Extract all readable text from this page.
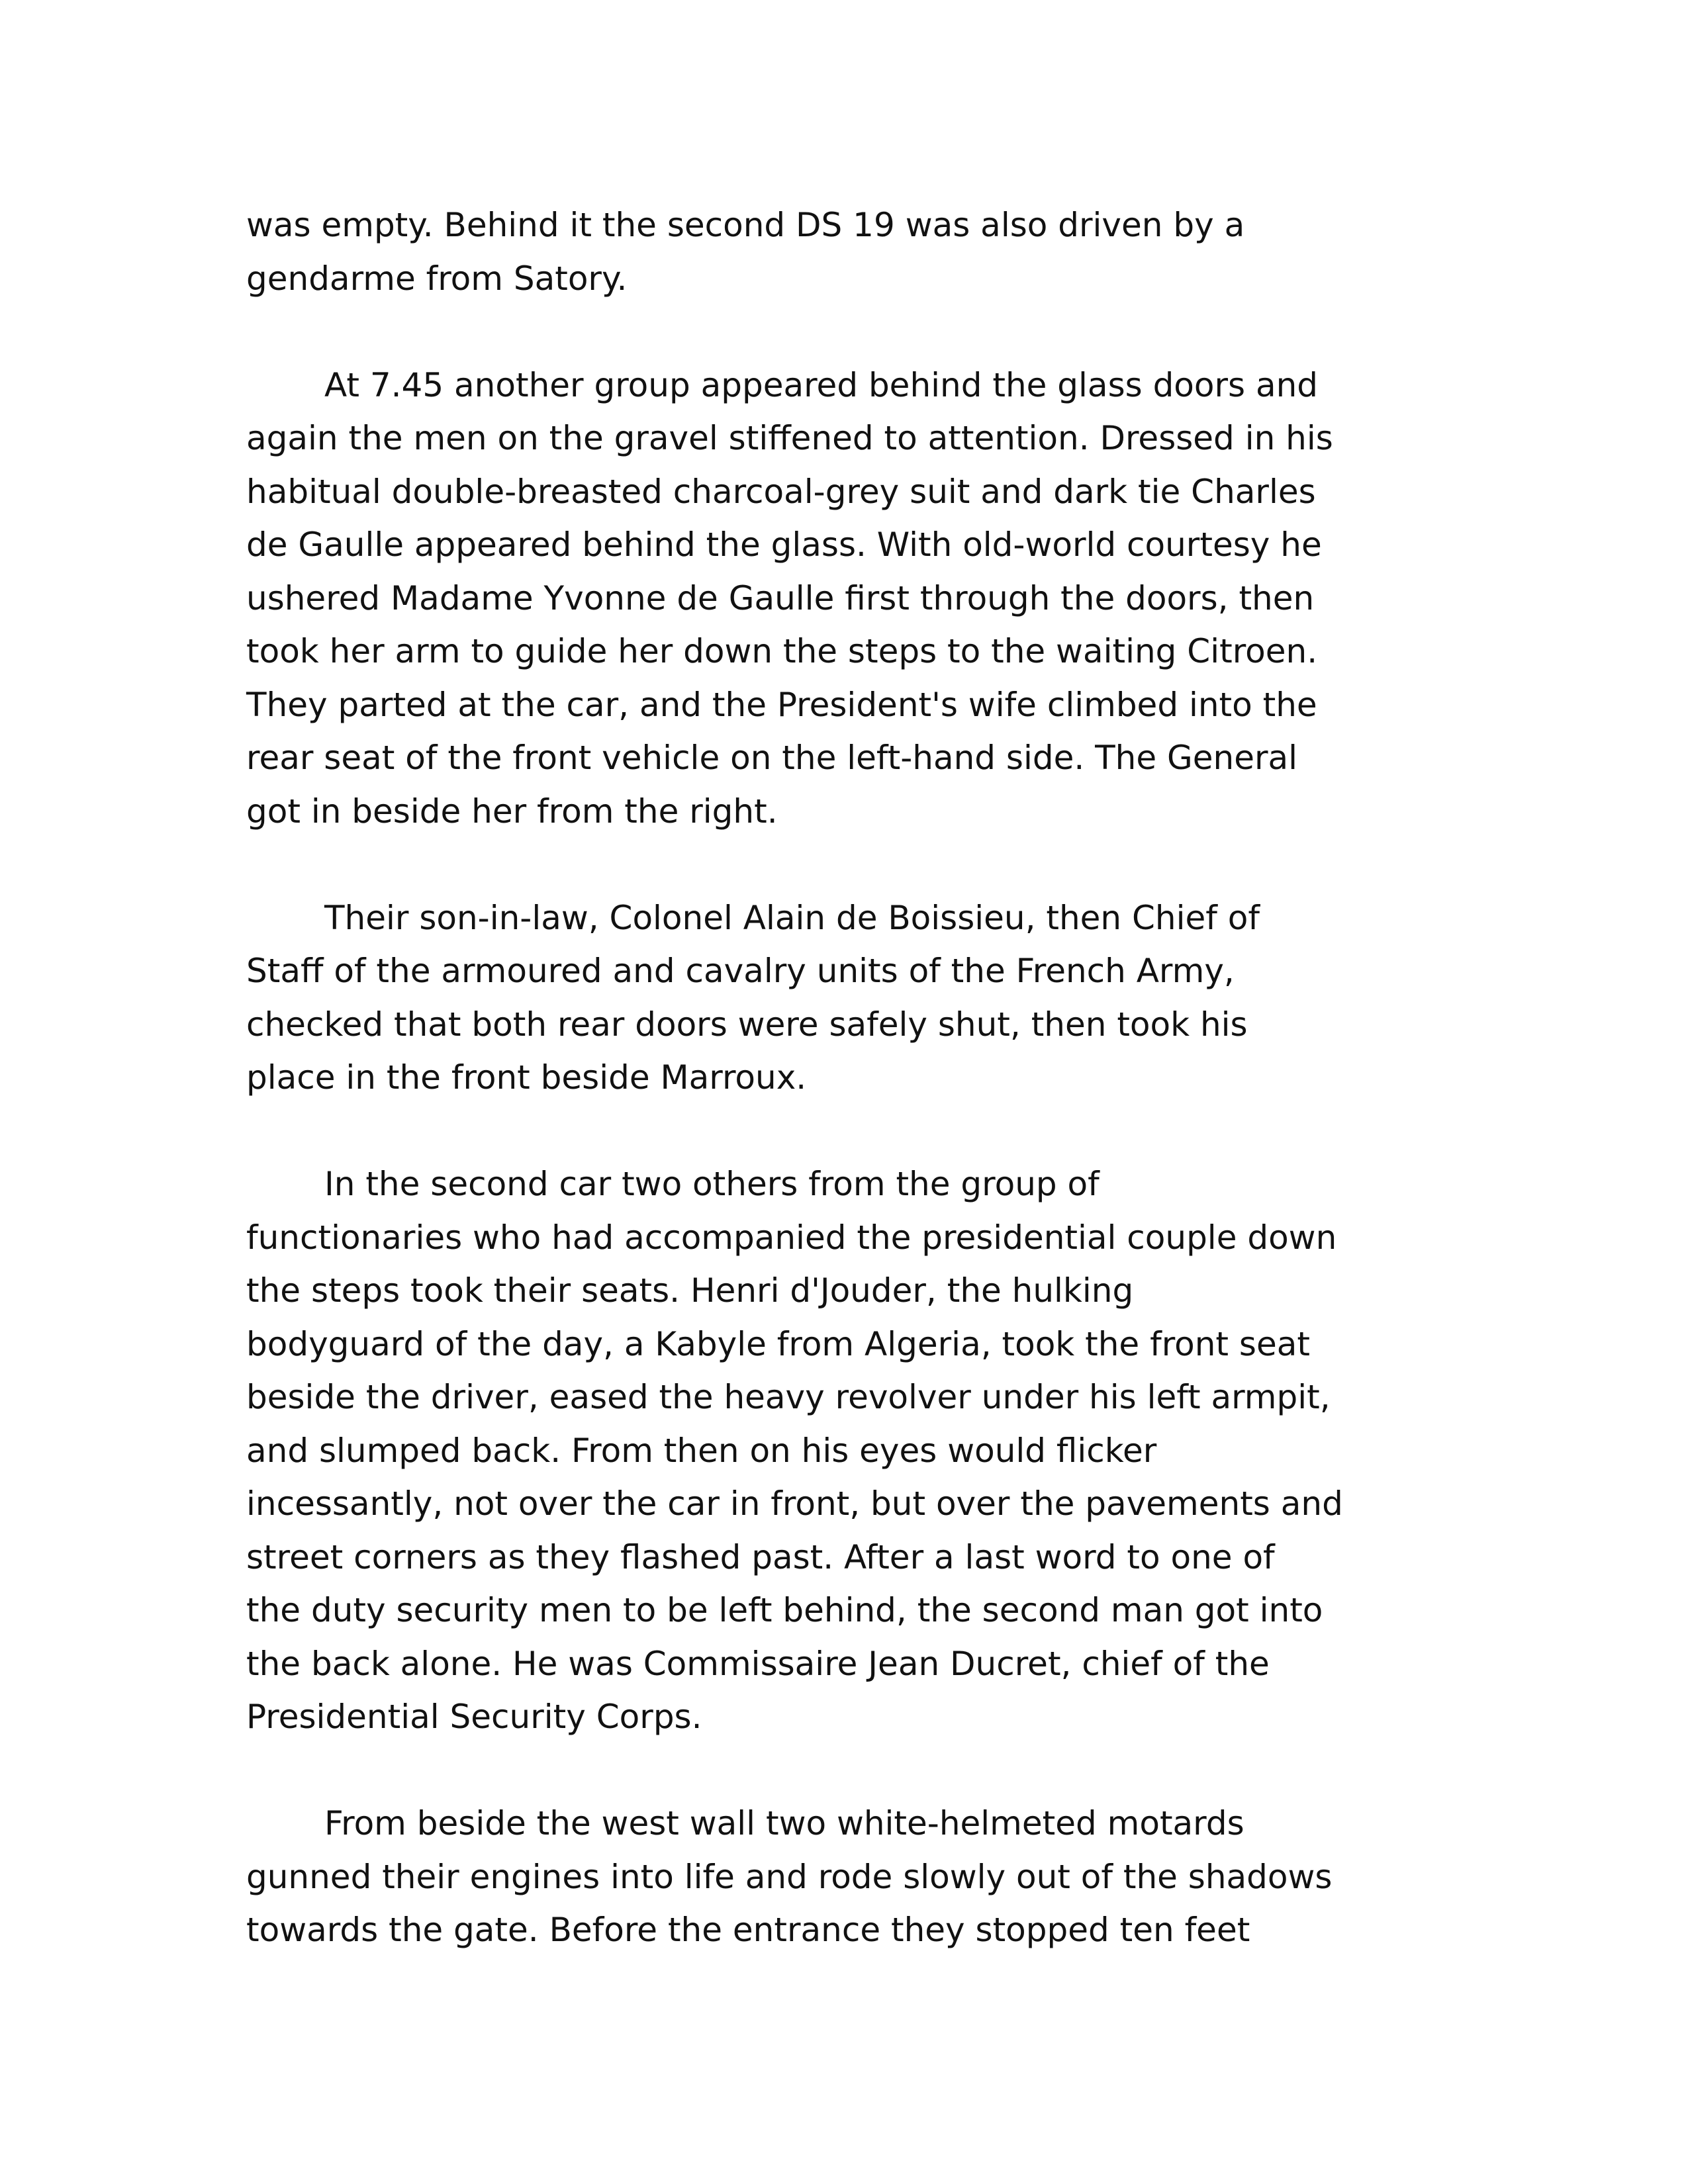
was empty. Behind it the second DS 19 was also driven by a
gendarme from Satory.
At 7.45 another group appeared behind the glass doors and
again the men on the gravel stiffened to attention. Dressed in his
habitual double-breasted charcoal-grey suit and dark tie Charles
de Gaulle appeared behind the glass. With old-world courtesy he
ushered Madame Yvonne de Gaulle first through the doors, then
took her arm to guide her down the steps to the waiting Citroen.
They parted at the car, and the President's wife climbed into the
rear seat of the front vehicle on the left-hand side. The General
got in beside her from the right.
Their son-in-law, Colonel Alain de Boissieu, then Chief of
Staff of the armoured and cavalry units of the French Army,
checked that both rear doors were safely shut, then took his
place in the front beside Marroux.
In the second car two others from the group of
functionaries who had accompanied the presidential couple down
the steps took their seats. Henri d'Jouder, the hulking
bodyguard of the day, a Kabyle from Algeria, took the front seat
beside the driver, eased the heavy revolver under his left armpit,
and slumped back. From then on his eyes would flicker
incessantly, not over the car in front, but over the pavements and
street corners as they flashed past. After a last word to one of
the duty security men to be left behind, the second man got into
the back alone. He was Commissaire Jean Ducret, chief of the
Presidential Security Corps.
From beside the west wall two white-helmeted motards
gunned their engines into life and rode slowly out of the shadows
towards the gate. Before the entrance they stopped ten feet
